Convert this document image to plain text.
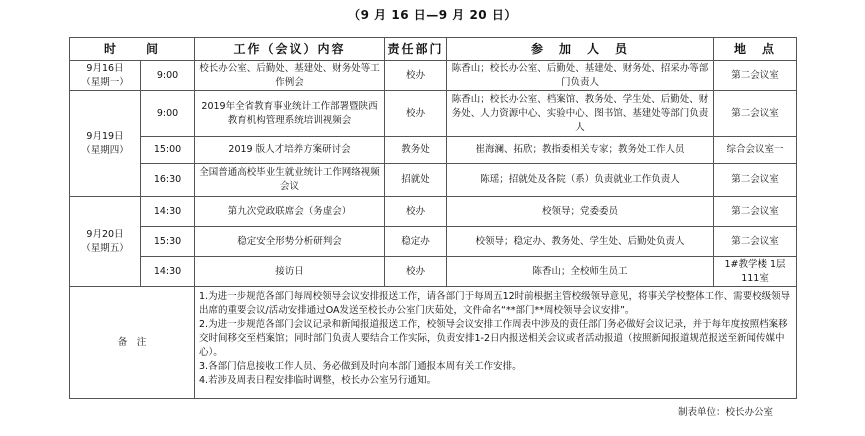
（9 月 16 日—9 月 20 日）
时　　间		工作（会议）内容	责任部门	参　加　人　员	地　点

9月16日
（星期一）	9:00	校长办公室、后勤处、基建处、财务处等工作例会	校办	陈香山；校长办公室、后勤处、基建处、财务处、招采办等部门负责人	第二会议室

9月19日
（星期四）	9:00	2019年全省教育事业统计工作部署暨陕西教育机构管理系统培训视频会	校办	陈香山；校长办公室、档案馆、教务处、学生处、后勤处、财务处、人力资源中心、实验中心、图书馆、基建处等部门负责人	第二会议室
	15:00	2019 版人才培养方案研讨会	教务处	崔海澜、拓欣；教指委相关专家；教务处工作人员	综合会议室一
	16:30	全国普通高校毕业生就业统计工作网络视频会议	招就处	陈瑶；招就处及各院（系）负责就业工作负责人	第二会议室

9月20日
（星期五）	14:30	第九次党政联席会（务虚会）	校办	校领导；党委委员	第二会议室
	15:30	稳定安全形势分析研判会	稳定办	校领导；稳定办、教务处、学生处、后勤处负责人	第二会议室
	14:30	接访日	校办	陈香山；全校师生员工	1#教学楼 1层111室
备　注		1.为进一步规范各部门每周校领导会议安排报送工作，请各部门于每周五12时前根据主管校级领导意见，将事关学校整体工作、需要校级领导出席的重要会议/活动安排通过OA发送至校长办公室门庆茹处，文件命名“**部门**周校领导会议安排”。
2.为进一步规范各部门会议记录和新闻报道报送工作，校领导会议安排工作周表中涉及的责任部门务必做好会议记录，并于每年度按照档案移交时间移交至档案馆；同时部门负责人要结合工作实际，负责安排1-2日内报送相关会议或者活动报道（按照新闻报道规范报送至新闻传媒中心）。
3.各部门信息接收工作人员、务必做到及时向本部门通报本周有关工作安排。
4.若涉及周表日程安排临时调整，校长办公室另行通知。			
制表单位：校长办公室
